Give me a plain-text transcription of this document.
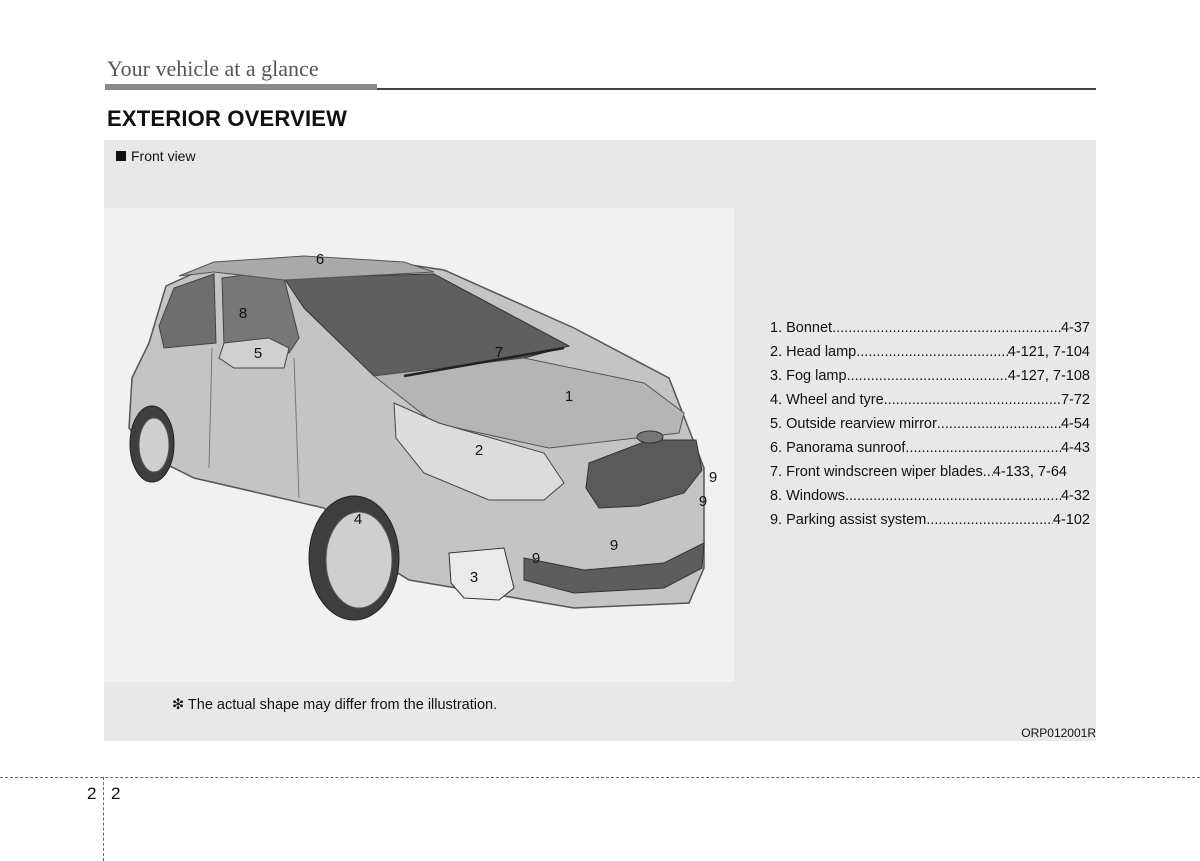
Your vehicle at a glance
EXTERIOR OVERVIEW
Front view
6
8
5	7
1
2
9
9
4
9
9
3
1. Bonnet .....	4-37
2. Head lamp .....	4-121, 7-104
3. Fog lamp .....	4-127, 7-108
4. Wheel and tyre .....	7-72
5. Outside rearview mirror .....	4-54
6. Panorama sunroof .....	4-43
7. Front windscreen wiper blades ..... 4-133, 7-64
8. Windows .....	4-32
9. Parking assist system .....	4-102
❇ The actual shape may differ from the illustration.
ORP012001R
2 2
